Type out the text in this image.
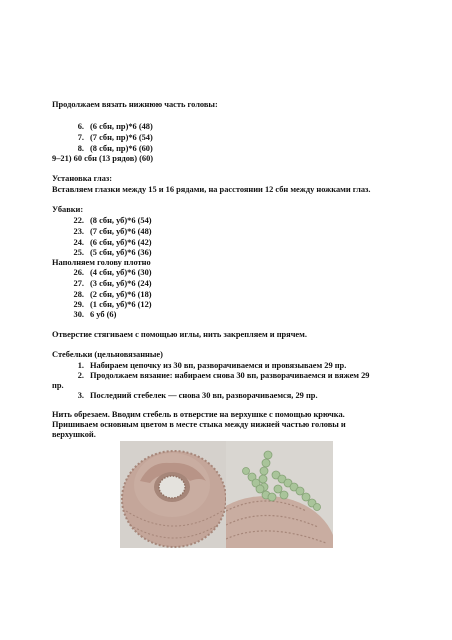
Продолжаем вязать нижнюю часть головы:
6. (6 сбн, пр)*6 (48)
7. (7 сбн, пр)*6 (54)
8. (8 сбн, пр)*6 (60)
9–21) 60 сбн (13 рядов) (60)
Установка глаз:
Вставляем глазки между 15 и 16 рядами, на расстоянии 12 сбн между ножками глаз.
Убавки:
22. (8 сбн, уб)*6 (54)
23. (7 сбн, уб)*6 (48)
24. (6 сбн, уб)*6 (42)
25. (5 сбн, уб)*6 (36)
Наполняем голову плотно
26. (4 сбн, уб)*6 (30)
27. (3 сбн, уб)*6 (24)
28. (2 сбн, уб)*6 (18)
29. (1 сбн, уб)*6 (12)
30. 6 уб (6)
Отверстие стягиваем с помощью иглы, нить закрепляем и прячем.
Стебельки (цельновязанные)
1. Набираем цепочку из 30 вп, разворачиваемся и провязываем 29 пр.
2. Продолжаем вязание: набираем снова 30 вп, разворачиваемся и вяжем 29
пр.
3. Последний стебелек — снова 30 вп, разворачиваемся, 29 пр.
Нить обрезаем. Вводим стебель в отверстие на верхушке с помощью крючка.
Пришиваем основным цветом в месте стыка между нижней частью головы и
верхушкой.
